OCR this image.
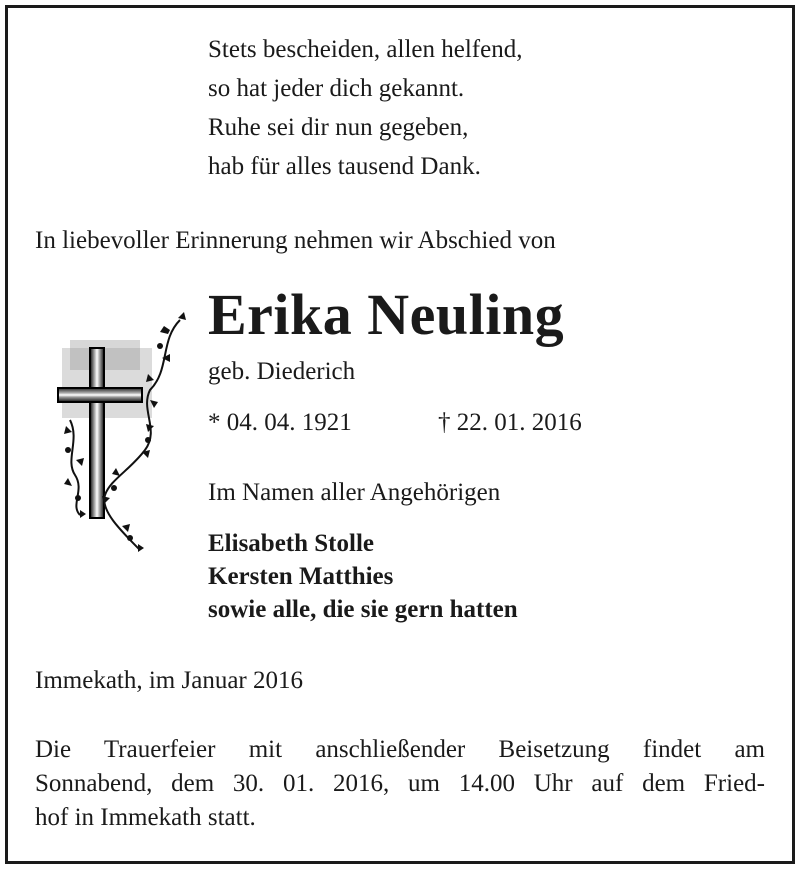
Stets bescheiden, allen helfend,
so hat jeder dich gekannt.
Ruhe sei dir nun gegeben,
hab für alles tausend Dank.
In liebevoller Erinnerung nehmen wir Abschied von
Erika Neuling
geb. Diederich
* 04. 04. 1921	† 22. 01. 2016
Im Namen aller Angehörigen
Elisabeth Stolle
Kersten Matthies
sowie alle, die sie gern hatten
Immekath, im Januar 2016
Die Trauerfeier mit anschließender Beisetzung findet am
Sonnabend, dem 30. 01. 2016, um 14.00 Uhr auf dem Fried-
hof in Immekath statt.
